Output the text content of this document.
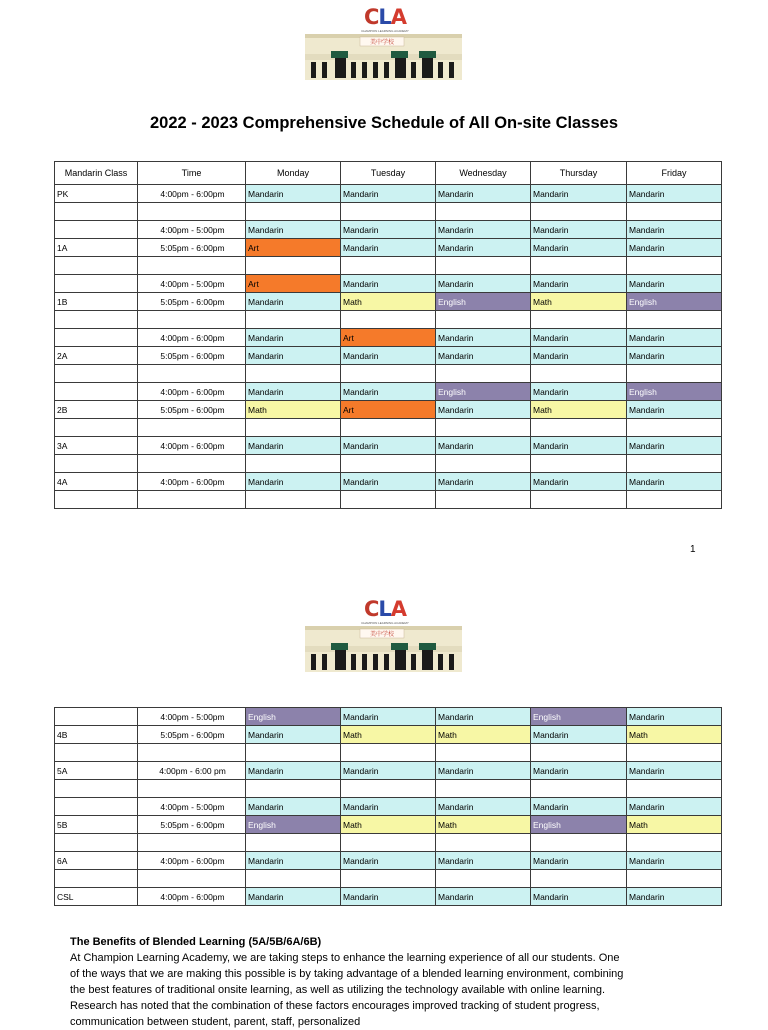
CLA
CHAMPION LEARNING ACADEMY
美中学校
2022 - 2023 Comprehensive Schedule of All On-site Classes
Mandarin Class	Time	Monday	Tuesday	Wednesday	Thursday	Friday
PK	4:00pm - 6:00pm	Mandarin	Mandarin	Mandarin	Mandarin	Mandarin

	4:00pm - 5:00pm	Mandarin	Mandarin	Mandarin	Mandarin	Mandarin
1A	5:05pm - 6:00pm	Art	Mandarin	Mandarin	Mandarin	Mandarin

	4:00pm - 5:00pm	Art	Mandarin	Mandarin	Mandarin	Mandarin
1B	5:05pm - 6:00pm	Mandarin	Math	English	Math	English

	4:00pm - 6:00pm	Mandarin	Art	Mandarin	Mandarin	Mandarin
2A	5:05pm - 6:00pm	Mandarin	Mandarin	Mandarin	Mandarin	Mandarin

	4:00pm - 6:00pm	Mandarin	Mandarin	English	Mandarin	English
2B	5:05pm - 6:00pm	Math	Art	Mandarin	Math	Mandarin

3A	4:00pm - 6:00pm	Mandarin	Mandarin	Mandarin	Mandarin	Mandarin

4A	4:00pm - 6:00pm	Mandarin	Mandarin	Mandarin	Mandarin	Mandarin

1
CLA
CHAMPION LEARNING ACADEMY
美中学校
	4:00pm - 5:00pm	English	Mandarin	Mandarin	English	Mandarin
4B	5:05pm - 6:00pm	Mandarin	Math	Math	Mandarin	Math

5A	4:00pm - 6:00 pm	Mandarin	Mandarin	Mandarin	Mandarin	Mandarin

	4:00pm - 5:00pm	Mandarin	Mandarin	Mandarin	Mandarin	Mandarin
5B	5:05pm - 6:00pm	English	Math	Math	English	Math

6A	4:00pm - 6:00pm	Mandarin	Mandarin	Mandarin	Mandarin	Mandarin

CSL	4:00pm - 6:00pm	Mandarin	Mandarin	Mandarin	Mandarin	Mandarin
The Benefits of Blended Learning (5A/5B/6A/6B)

At Champion Learning Academy, we are taking steps to enhance the learning experience of all our students. One of the ways that we are making this possible is by taking advantage of a blended learning environment, combining the best features of traditional onsite learning, as well as utilizing the technology available with online learning. Research has noted that the combination of these factors encourages improved tracking of student progress, communication between student, parent, staff, personalized
